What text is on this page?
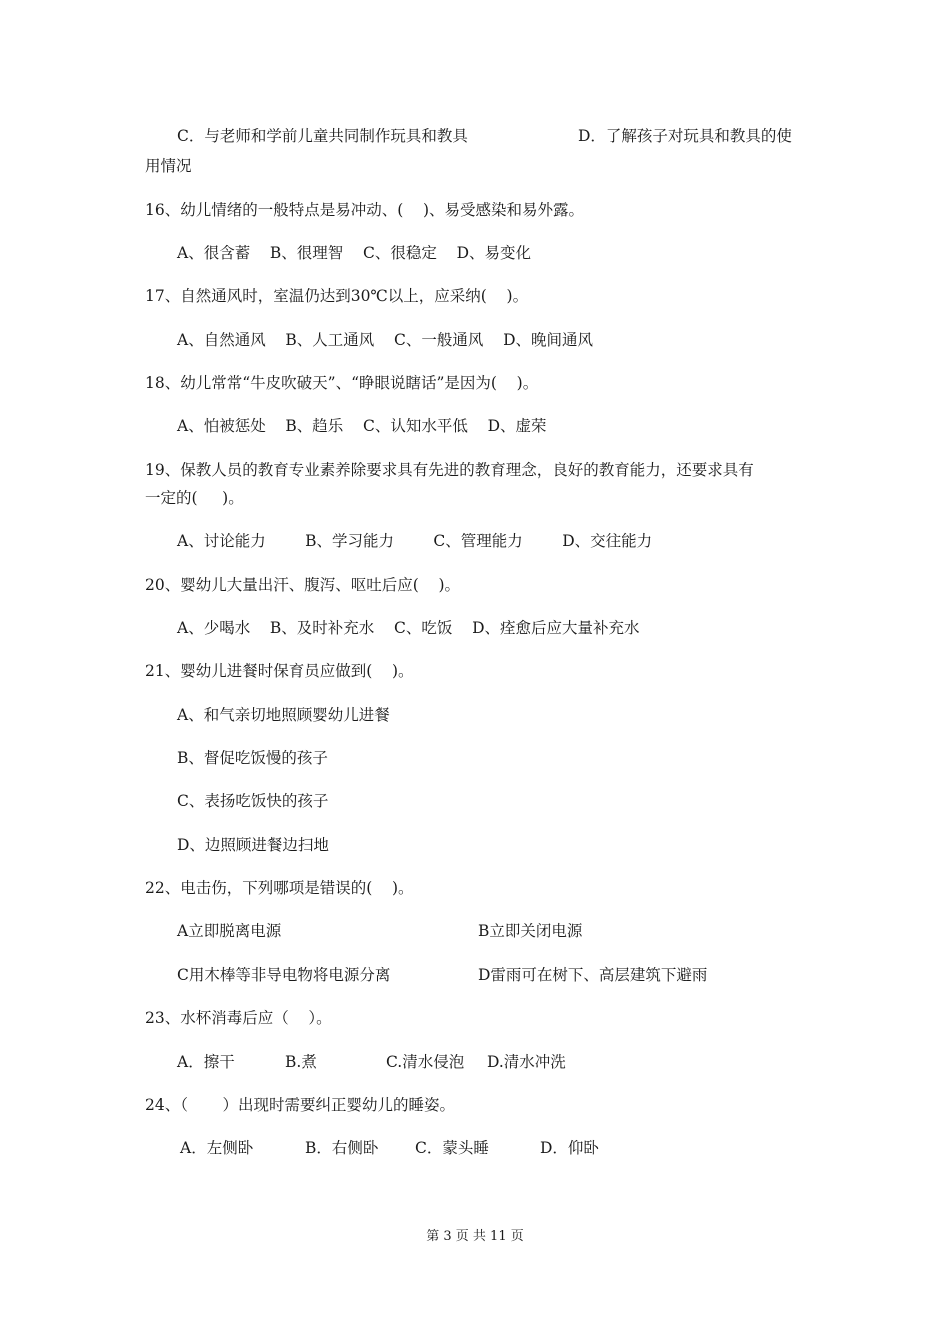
C．与老师和学前儿童共同制作玩具和教具	D．了解孩子对玩具和教具的使
用情况
16、幼儿情绪的一般特点是易冲动、(    )、易受感染和易外露。
A、很含蓄    B、很理智    C、很稳定    D、易变化
17、自然通风时，室温仍达到30℃以上，应采纳(    )。
A、自然通风    B、人工通风    C、一般通风    D、晚间通风
18、幼儿常常“牛皮吹破天”、“睁眼说瞎话”是因为(    )。
A、怕被惩处    B、趋乐    C、认知水平低    D、虚荣
19、保教人员的教育专业素养除要求具有先进的教育理念，良好的教育能力，还要求具有
一定的(     )。
A、讨论能力        B、学习能力        C、管理能力        D、交往能力
20、婴幼儿大量出汗、腹泻、呕吐后应(    )。
A、少喝水    B、及时补充水    C、吃饭    D、痊愈后应大量补充水
21、婴幼儿进餐时保育员应做到(    )。
A、和气亲切地照顾婴幼儿进餐
B、督促吃饭慢的孩子
C、表扬吃饭快的孩子
D、边照顾进餐边扫地
22、电击伤，下列哪项是错误的(    )。
A立即脱离电源	B立即关闭电源
C用木棒等非导电物将电源分离	D雷雨可在树下、高层建筑下避雨
23、水杯消毒后应（    ）。
A．擦干	B.煮	C.清水侵泡 D.清水冲洗
24、（       ）出现时需要纠正婴幼儿的睡姿。
A．左侧卧	B．右侧卧 C．蒙头睡	D．仰卧
第 3 页 共 11 页
